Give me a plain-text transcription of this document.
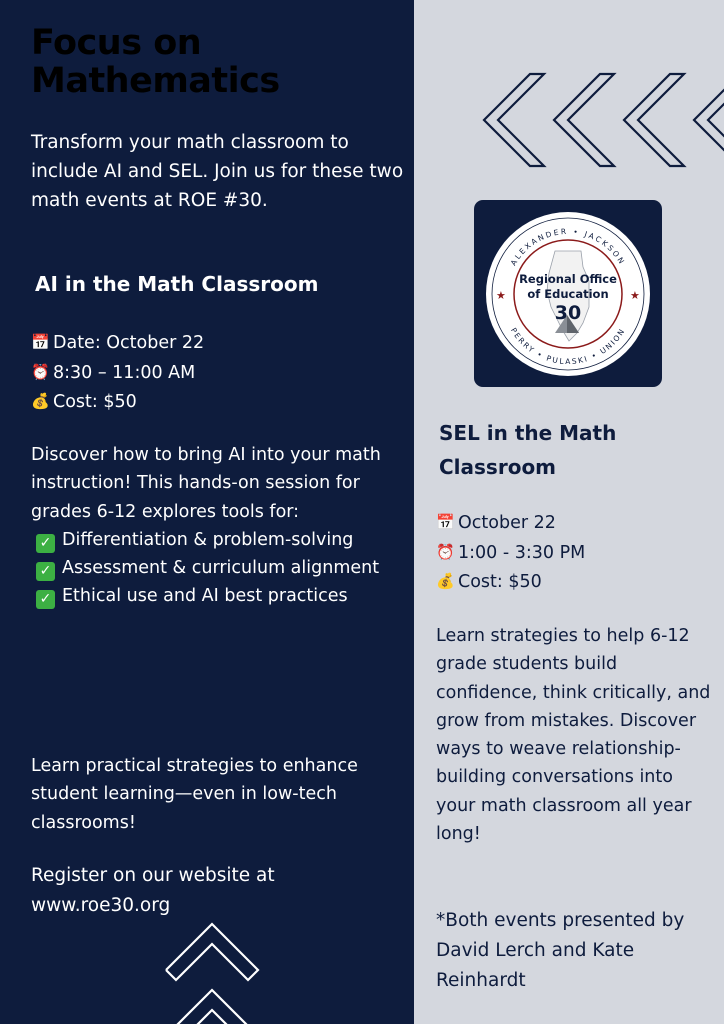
Focus on
Mathematics
Transform your math classroom to include AI and SEL. Join us for these two math events at ROE #30.
AI in the Math Classroom
📅 Date: October 22
⏰ 8:30 – 11:00 AM
💰 Cost: $50
Discover how to bring AI into your math instruction! This hands-on session for grades 6-12 explores tools for:
✓ Differentiation & problem-solving
✓ Assessment & curriculum alignment
✓ Ethical use and AI best practices
Learn practical strategies to enhance student learning—even in low-tech classrooms!
Register on our website at
www.roe30.org
Regional Office
of Education
30
ALEXANDER • JACKSON
PERRY • PULASKI • UNION
★	★
SEL in the Math
Classroom
📅 October 22
⏰ 1:00 - 3:30 PM
💰 Cost: $50
Learn strategies to help 6-12 grade students build confidence, think critically, and grow from mistakes. Discover ways to weave relationship-building conversations into your math classroom all year long!
*Both events presented by David Lerch and Kate Reinhardt
